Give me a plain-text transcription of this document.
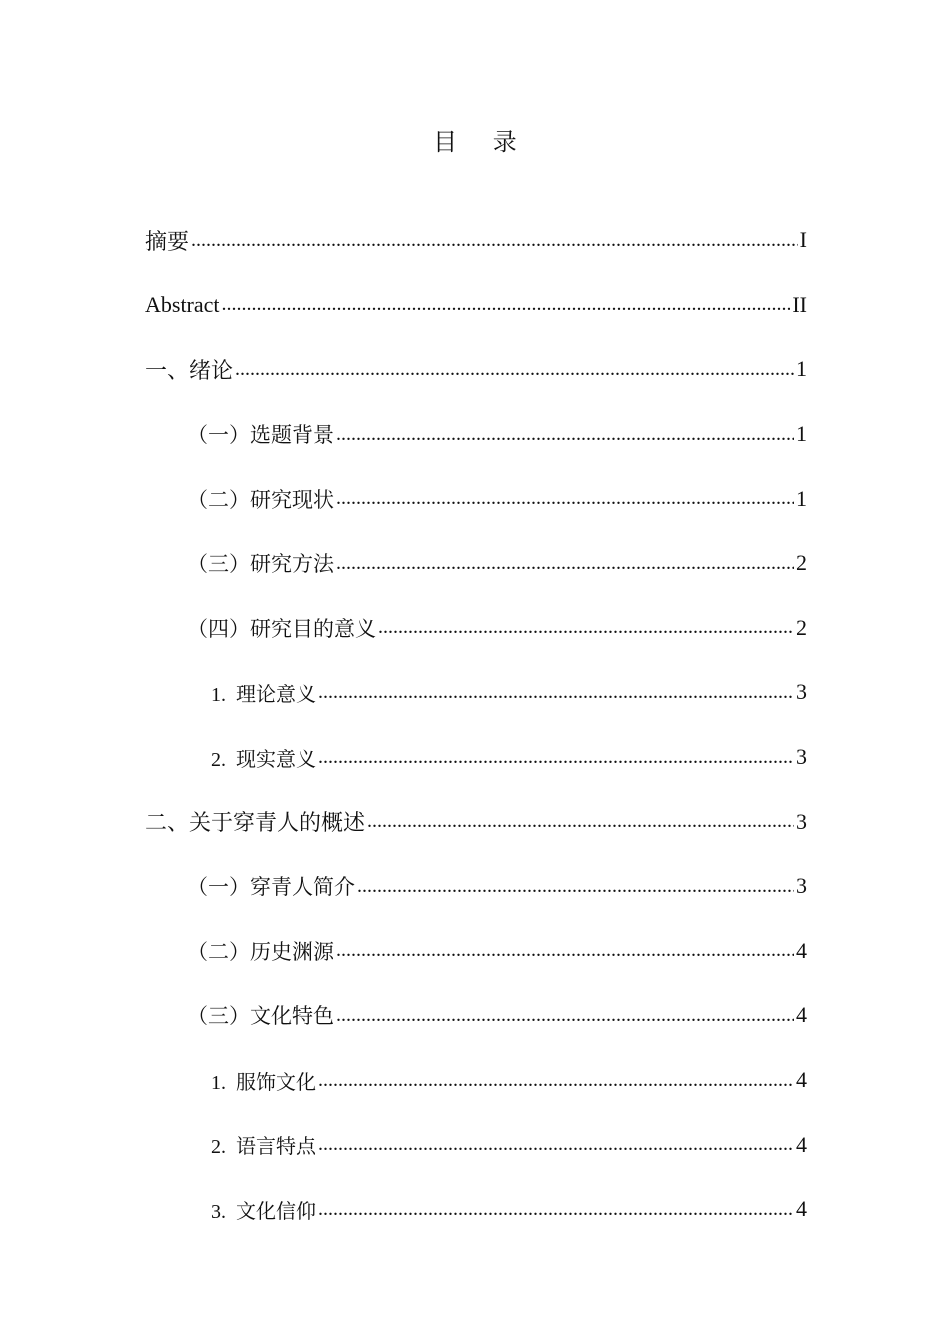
目 录
摘要 .....	I
Abstract .....	II
一、绪论 .....	1
（一）选题背景 .....	1
（二）研究现状 .....	1
（三）研究方法 .....	2
（四）研究目的意义 .....	2
1. 理论意义 .....	3
2. 现实意义 .....	3
二、关于穿青人的概述 .....	3
（一）穿青人简介 .....	3
（二）历史渊源 .....	4
（三）文化特色 .....	4
1. 服饰文化 .....	4
2. 语言特点 .....	4
3. 文化信仰 .....	4
